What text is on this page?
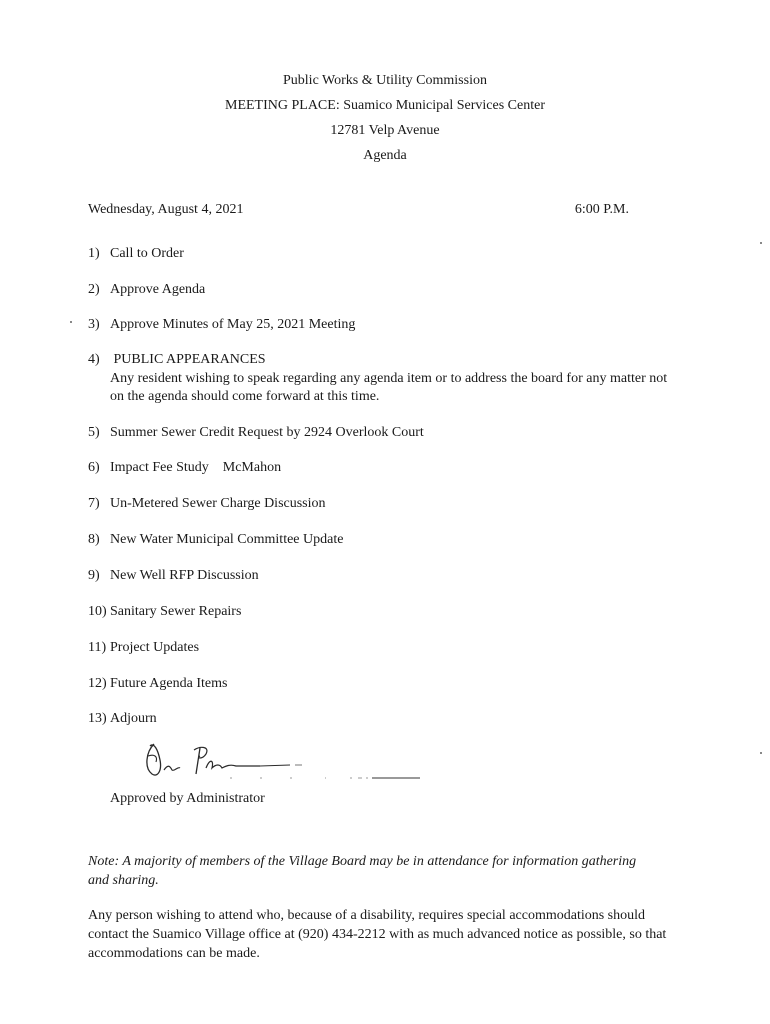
Public Works & Utility Commission
MEETING PLACE: Suamico Municipal Services Center
12781 Velp Avenue
Agenda
Wednesday, August 4, 2021	6:00 P.M.
1) Call to Order
2) Approve Agenda
3) Approve Minutes of May 25, 2021 Meeting
4) PUBLIC APPEARANCES
Any resident wishing to speak regarding any agenda item or to address the board for any matter not on the agenda should come forward at this time.
5) Summer Sewer Credit Request by 2924 Overlook Court
6) Impact Fee Study    McMahon
7) Un-Metered Sewer Charge Discussion
8) New Water Municipal Committee Update
9) New Well RFP Discussion
10) Sanitary Sewer Repairs
11) Project Updates
12) Future Agenda Items
13) Adjourn
Approved by Administrator
Note: A majority of members of the Village Board may be in attendance for information gathering and sharing.
Any person wishing to attend who, because of a disability, requires special accommodations should contact the Suamico Village office at (920) 434-2212 with as much advanced notice as possible, so that accommodations can be made.
